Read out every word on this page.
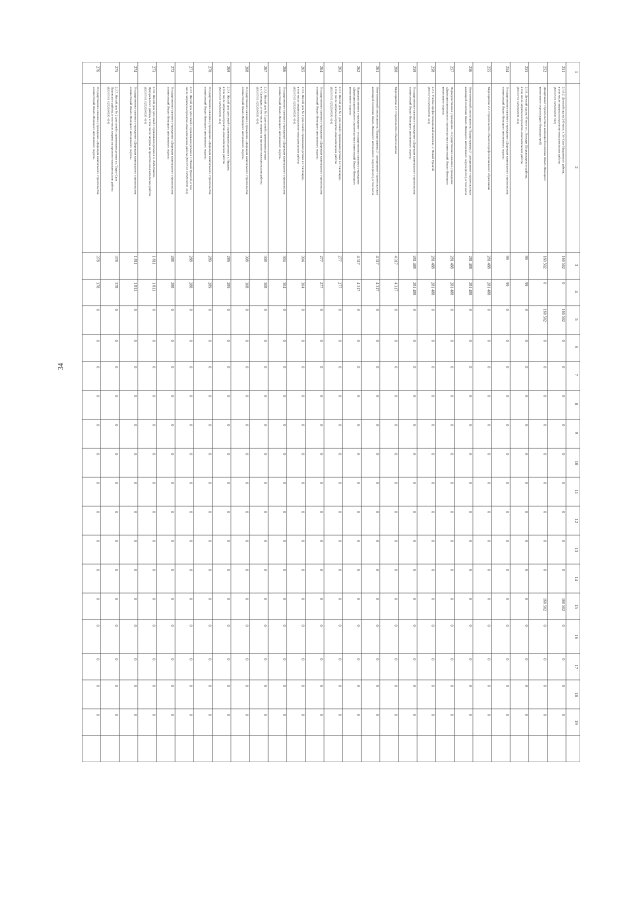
34
1
2
3
4
5
6
7
8
9
10
11
12
13
14
15
16
17
18
19
251
2.1.8.2. Детский сад на 240 мест, г. Уо-Сале Надымского района,
в том числе затраты на проектно-изыскательские работы
(833 05 01 0252034530 522)
160 502
0
160 502
0
0
0
0
0
0
0
0
0
160 502
0
0
0
0
252
Департамент строительства и жилищной политики Ямало-Ненецкого
автономного округа (адрес/Ямалдорстрой)
160 502
0
160 502
0
0
0
0
0
0
0
0
0
160 502
0
0
0
0
253
2.1.9. Детский сад на 45 мест в с. Лопхари Шурышкарского района,
в том числе затраты на проектно-изыскательские работы
(833 07 01 0252024539 414)
99
99
0
0
0
0
0
0
0
0
0
0
0
0
0
0
0
254
Государственное казенное учреждение «Дирекция капитального строительства
и инвестиций Ямало-Ненецкого автономного округа»
99
99
0
0
0
0
0
0
0
0
0
0
0
0
0
0
0
255
Мероприятие 2.2. Строительство объектов профессионального образования
281 488
281 488
0
0
0
0
0
0
0
0
0
0
0
0
0
0
0
256
Ответственный соисполнитель Подпрограммы 2 - департамент строительства и
жилищной политики Ямало-Ненецкого автономного округа (всего), в том числе
281 488
281 488
0
0
0
0
0
0
0
0
0
0
0
0
0
0
0
257
Подведомственное учреждение - государственное казенное учреждение
«Дирекция капитального строительства и инвестиций Ямало-Ненецкого
автономного округа»
281 488
281 488
0
0
0
0
0
0
0
0
0
0
0
0
0
0
0
258
2.2.1. Учебно-профессиональный комплекс, г. Новый Уренгой
(833 07 03 0252034530 414)
281 488
281 488
0
0
0
0
0
0
0
0
0
0
0
0
0
0
0
259
Государственное казенное учреждение «Дирекция капитального строительства
и инвестиций Ямало-Ненецкого автономного округа»
281 488
281 488
0
0
0
0
0
0
0
0
0
0
0
0
0
0
0
260
Мероприятие 2.3. Строительство объектов жилья
4 317
4 317
0
0
0
0
0
0
0
0
0
0
0
0
0
0
0
261
Ответственный соисполнитель Подпрограммы 2 - департамент строительства и
жилищной политики Ямало-Ненецкого автономного округа (всего), в том числе
4 317
4 317
0
0
0
0
0
0
0
0
0
0
0
0
0
0
0
262
Подведомственное учреждение - государственное казенное учреждение
«Дирекция капитального строительства и инвестиций Ямало-Ненецкого
автономного округа»
4 317
4 317
0
0
0
0
0
0
0
0
0
0
0
0
0
0
0
263
2.3.1. Жилой дом № 1 для семей с приемными детьми в г. Салехарде,
в том числе затраты на проектно-изыскательские работы
(833 05 01 0252034530 414)
277
277
0
0
0
0
0
0
0
0
0
0
0
0
0
0
0
264
Государственное казенное учреждение «Дирекция капитального строительства
и инвестиций Ямало-Ненецкого автономного округа»
277
277
0
0
0
0
0
0
0
0
0
0
0
0
0
0
0
265
2.3.2. Жилой дом № 2 для семей с приемными детьми в г. Салехарде,
в том числе затраты на проектно-изыскательские работы
(833 05 01 0252034530 414)
304
304
0
0
0
0
0
0
0
0
0
0
0
0
0
0
0
266
Государственное казенное учреждение «Дирекция капитального строительства
и инвестиций Ямало-Ненецкого автономного округа»
304
304
0
0
0
0
0
0
0
0
0
0
0
0
0
0
0
267
2.3.3. Жилой дом № 3 для семей с приемными детьми
в г. Салехарде, в том числе затраты на проектно-изыскательские работы
(833 05 01 0252034530 414)
308
308
0
0
0
0
0
0
0
0
0
0
0
0
0
0
0
268
Государственное казенное учреждение «Дирекция капитального строительства
и инвестиций Ямало-Ненецкого автономного округа»
308
308
0
0
0
0
0
0
0
0
0
0
0
0
0
0
0
269
2.3.4. Жилой дом для семей с приемными детьми в г. Надыме,
в том числе затраты на проектно-изыскательские работы
(833 05 01 0252034530 414)
289
289
0
0
0
0
0
0
0
0
0
0
0
0
0
0
0
270
Государственное казенное учреждение «Дирекция капитального строительства
и инвестиций Ямало-Ненецкого автономного округа»
289
289
0
0
0
0
0
0
0
0
0
0
0
0
0
0
0
271
2.3.5. Жилой дом для семей с приемными детьми в г. Новый Уренгой, в том
числе затраты на проектно-изыскательские работы (833 05 01 0252034530 414)
288
288
0
0
0
0
0
0
0
0
0
0
0
0
0
0
0
272
Государственное казенное учреждение «Дирекция капитального строительства
и инвестиций Ямало-Ненецкого автономного округа»
288
288
0
0
0
0
0
0
0
0
0
0
0
0
0
0
0
273
2.3.6. Жилой дом для семей с приемными детьми в п. Лабытнанги,
Приуральского района, в том числе затраты на проектно-изыскательские работы
(833 05 01 0252034530 414)
1 811
1 811
0
0
0
0
0
0
0
0
0
0
0
0
0
0
0
274
Государственное казенное учреждение «Дирекция капитального строительства
и инвестиций Ямало-Ненецкого автономного округа»
1 811
1 811
0
0
0
0
0
0
0
0
0
0
0
0
0
0
0
275
2.3.7. Жилой дом № 2 для семей с приемными детьми в г. Тарко-Сале
Пуровского района, в том числе затраты на проектно-изыскательские работы
(833 05 01 0252034530 414)
378
378
0
0
0
0
0
0
0
0
0
0
0
0
0
0
0
276
Государственное казенное учреждение «Дирекция капитального строительства
и инвестиций Ямало-Ненецкого автономного округа»
378
378
0
0
0
0
0
0
0
0
0
0
0
0
0
0
0
